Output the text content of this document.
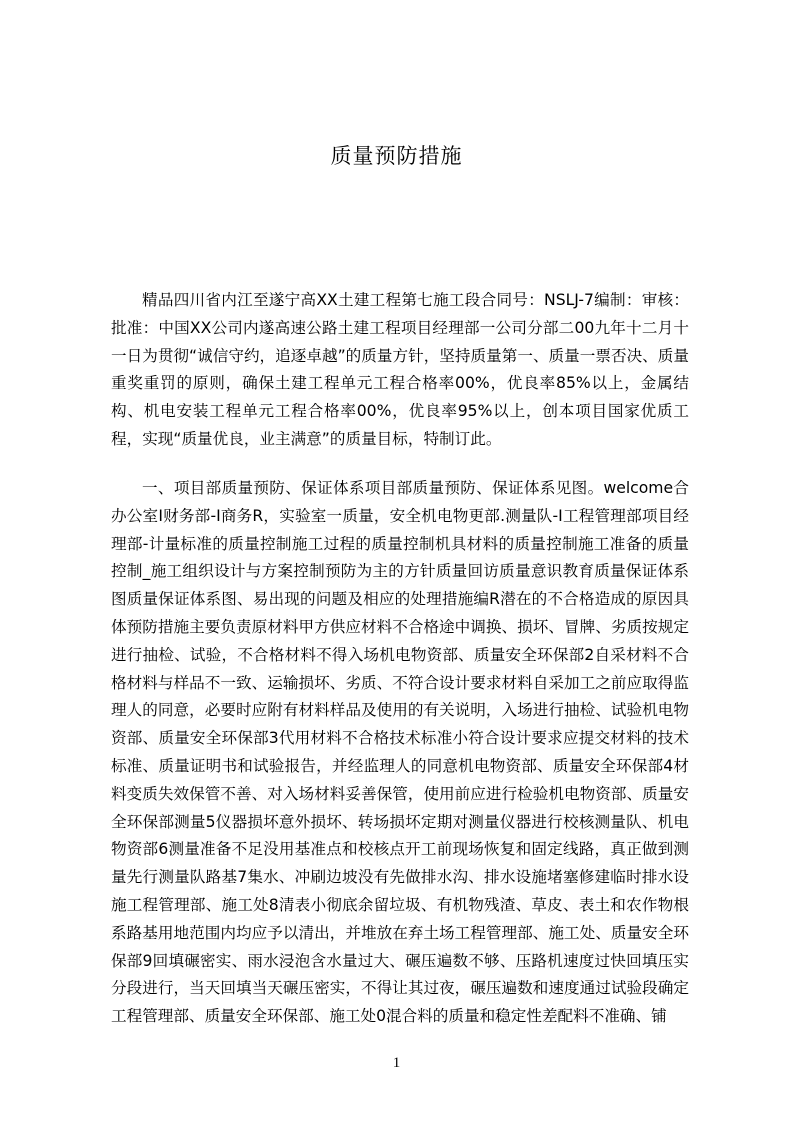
质量预防措施

精品四川省内江至遂宁高XX土建工程第七施工段合同号：NSLJ-7编制：审核：批准：中国XX公司内遂高速公路土建工程项目经理部一公司分部二00九年十二月十一日为贯彻“诚信守约，追逐卓越”的质量方针，坚持质量第一、质量一票否决、质量重奖重罚的原则，确保土建工程单元工程合格率00%，优良率85%以上，金属结构、机电安装工程单元工程合格率00%，优良率95%以上，创本项目国家优质工程，实现“质量优良，业主满意”的质量目标，特制订此。

一、项目部质量预防、保证体系项目部质量预防、保证体系见图。welcome合办公室I财务部-I商务R，实验室一质量，安全机电物更部.测量队-I工程管理部项目经理部-计量标准的质量控制施工过程的质量控制机具材料的质量控制施工准备的质量控制_施工组织设计与方案控制预防为主的方针质量回访质量意识教育质量保证体系图质量保证体系图、易出现的问题及相应的处理措施编R潜在的不合格造成的原因具体预防措施主要负责原材料甲方供应材料不合格途中调换、损坏、冒牌、劣质按规定进行抽检、试验，不合格材料不得入场机电物资部、质量安全环保部2自采材料不合格材料与样品不一致、运输损坏、劣质、不符合设计要求材料自采加工之前应取得监理人的同意，必要时应附有材料样品及使用的有关说明，入场进行抽检、试验机电物资部、质量安全环保部3代用材料不合格技术标准小符合设计要求应提交材料的技术标准、质量证明书和试验报告，并经监理人的同意机电物资部、质量安全环保部4材料变质失效保管不善、对入场材料妥善保管，使用前应进行检验机电物资部、质量安全环保部测量5仪器损坏意外损坏、转场损坏定期对测量仪器进行校核测量队、机电物资部6测量准备不足没用基准点和校核点开工前现场恢复和固定线路，真正做到测量先行测量队路基7集水、冲刷边坡没有先做排水沟、排水设施堵塞修建临时排水设施工程管理部、施工处8清表小彻底余留垃圾、有机物残渣、草皮、表土和农作物根系路基用地范围内均应予以清出，并堆放在弃土场工程管理部、施工处、质量安全环保部9回填碾密实、雨水浸泡含水量过大、碾压遍数不够、压路机速度过快回填压实分段进行，当天回填当天碾压密实，不得让其过夜，碾压遍数和速度通过试验段确定工程管理部、质量安全环保部、施工处0混合料的质量和稳定性差配料不准确、铺

1
